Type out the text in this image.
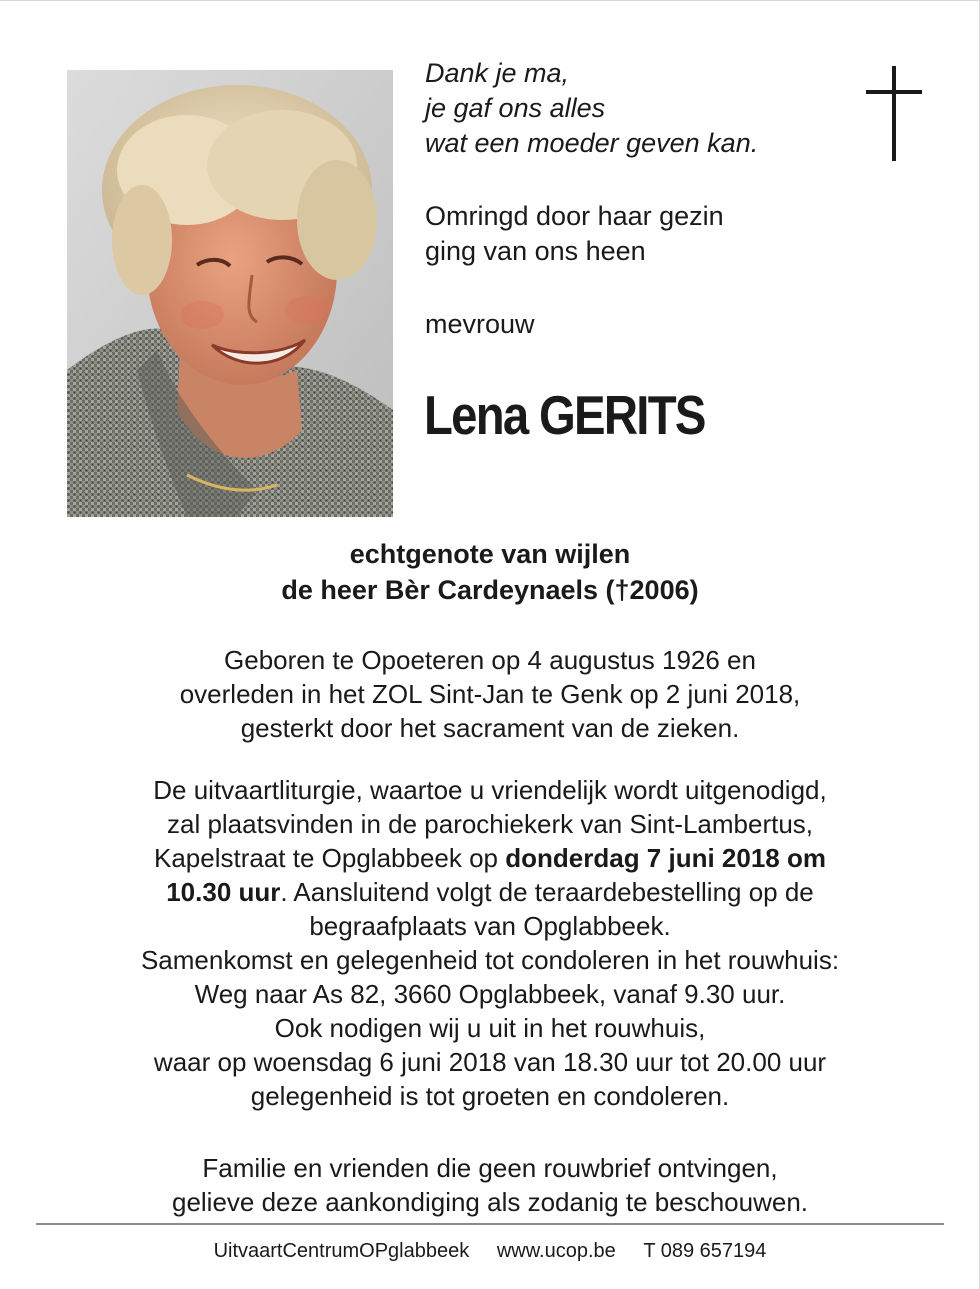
Dank je ma,
je gaf ons alles
wat een moeder geven kan.
Omringd door haar gezin
ging van ons heen
mevrouw
Lena GERITS
echtgenote van wijlen
de heer Bèr Cardeynaels (†2006)
Geboren te Opoeteren op 4 augustus 1926 en
overleden in het ZOL Sint-Jan te Genk op 2 juni 2018,
gesterkt door het sacrament van de zieken.
De uitvaartliturgie, waartoe u vriendelijk wordt uitgenodigd,
zal plaatsvinden in de parochiekerk van Sint-Lambertus,
Kapelstraat te Opglabbeek op donderdag 7 juni 2018 om
10.30 uur. Aansluitend volgt de teraardebestelling op de
begraafplaats van Opglabbeek.
Samenkomst en gelegenheid tot condoleren in het rouwhuis:
Weg naar As 82, 3660 Opglabbeek, vanaf 9.30 uur.
Ook nodigen wij u uit in het rouwhuis,
waar op woensdag 6 juni 2018 van 18.30 uur tot 20.00 uur
gelegenheid is tot groeten en condoleren.
Familie en vrienden die geen rouwbrief ontvingen,
gelieve deze aankondiging als zodanig te beschouwen.
UitvaartCentrumOPglabbeek www.ucop.be T 089 657194
